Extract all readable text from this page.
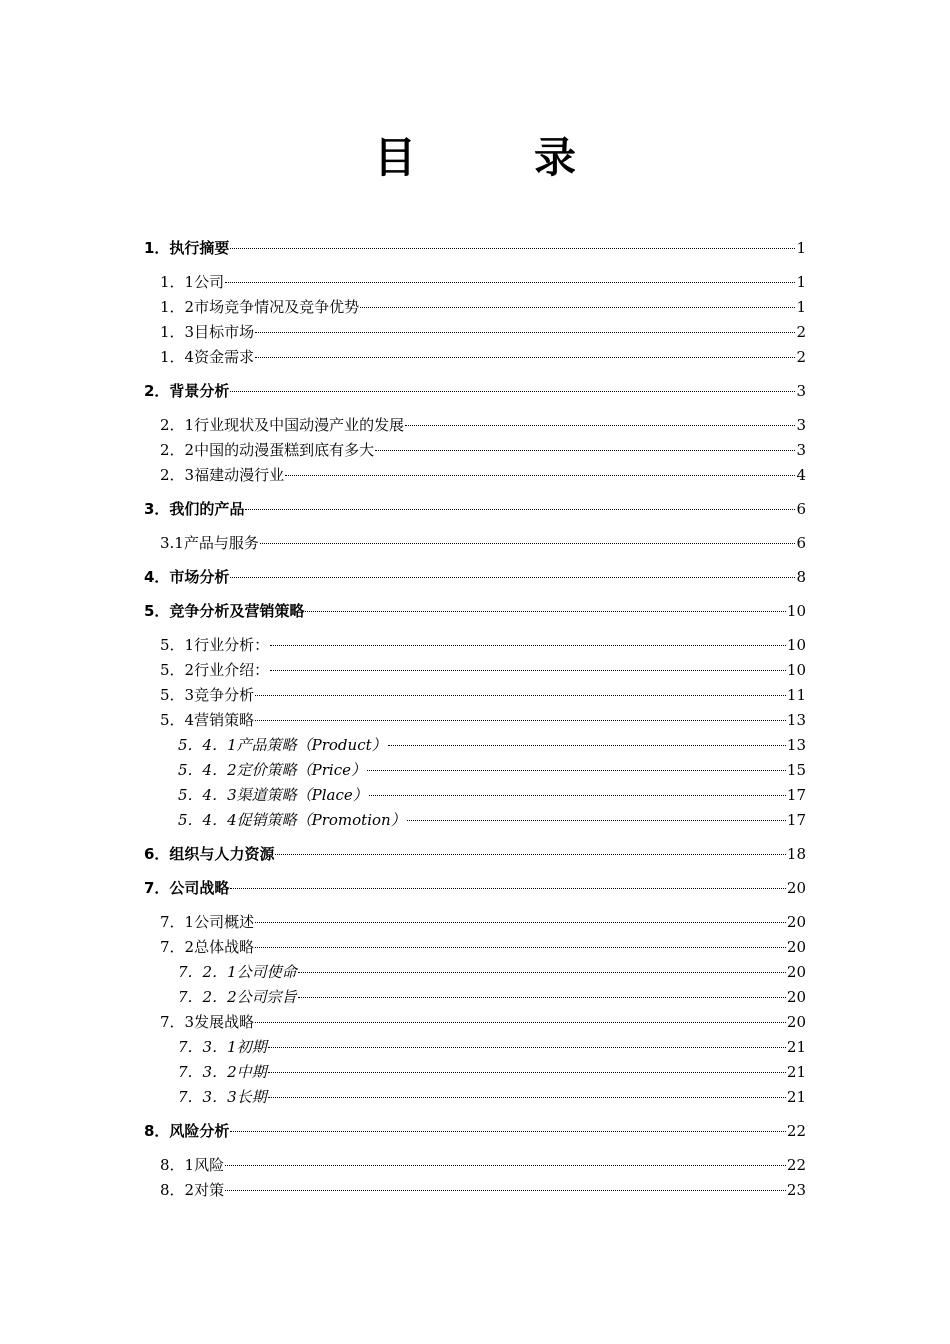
目　录
1．执行摘要	1
1．1公司	1
1．2市场竞争情况及竞争优势	1
1．3目标市场	2
1．4资金需求	2
2．背景分析	3
2．1行业现状及中国动漫产业的发展	3
2．2中国的动漫蛋糕到底有多大	3
2．3福建动漫行业	4
3．我们的产品	6
3.1产品与服务	6
4．市场分析	8
5．竞争分析及营销策略	10
5．1行业分析：	10
5．2行业介绍：	10
5．3竞争分析	11
5．4营销策略	13
5．4．1产品策略（Product）	13
5．4．2定价策略（Price）	15
5．4．3渠道策略（Place）	17
5．4．4促销策略（Promotion）	17
6．组织与人力资源	18
7．公司战略	20
7．1公司概述	20
7．2总体战略	20
7．2．1公司使命	20
7．2．2公司宗旨	20
7．3发展战略	20
7．3．1初期	21
7．3．2中期	21
7．3．3长期	21
8．风险分析	22
8．1风险	22
8．2对策	23
